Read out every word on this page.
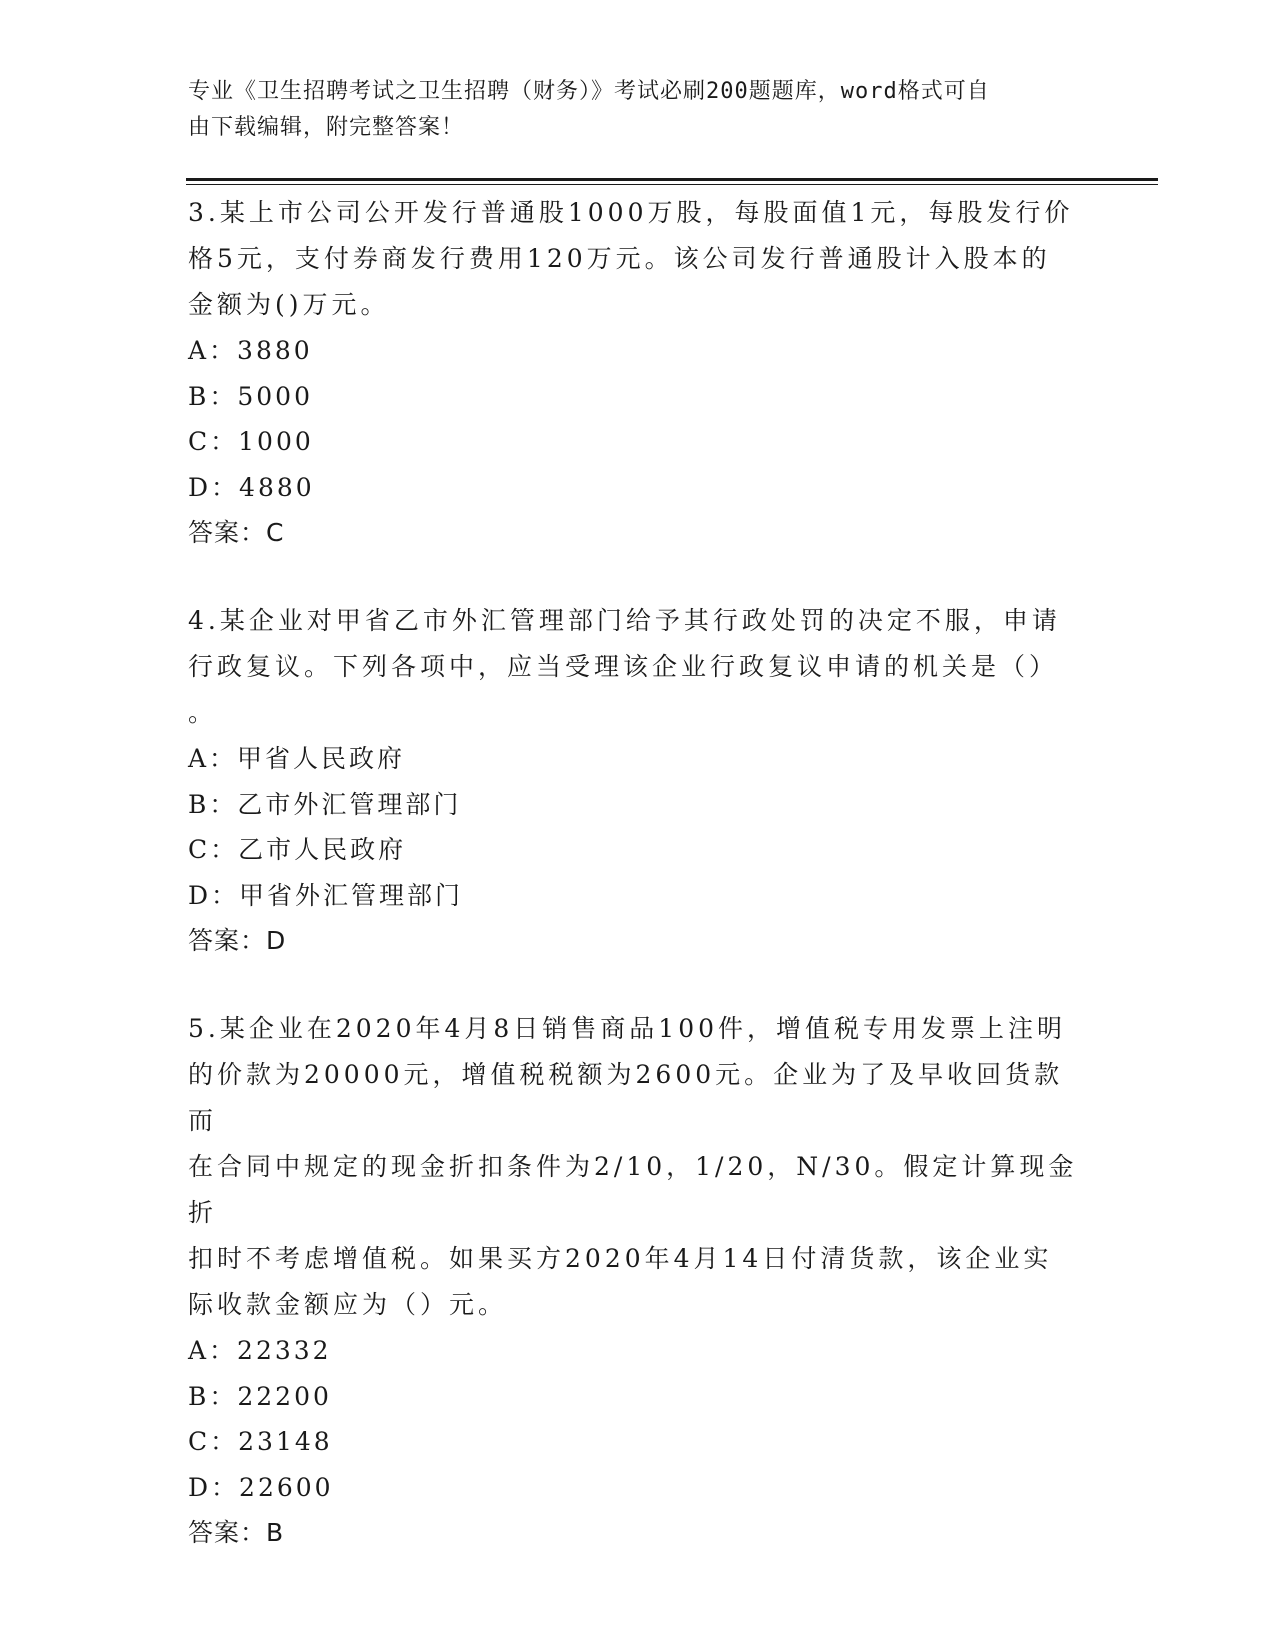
专业《卫生招聘考试之卫生招聘（财务）》考试必刷200题题库，word格式可自
由下载编辑，附完整答案！

3.某上市公司公开发行普通股1000万股，每股面值1元，每股发行价
格5元，支付券商发行费用120万元。该公司发行普通股计入股本的
金额为()万元。

A：3880
B：5000
C：1000
D：4880

答案：C

4.某企业对甲省乙市外汇管理部门给予其行政处罚的决定不服，申请
行政复议。下列各项中，应当受理该企业行政复议申请的机关是（）
。

A：甲省人民政府
B：乙市外汇管理部门
C：乙市人民政府
D：甲省外汇管理部门

答案：D

5.某企业在2020年4月8日销售商品100件，增值税专用发票上注明
的价款为20000元，增值税税额为2600元。企业为了及早收回货款而
在合同中规定的现金折扣条件为2/10，1/20，N/30。假定计算现金折
扣时不考虑增值税。如果买方2020年4月14日付清货款，该企业实
际收款金额应为（）元。

A：22332
B：22200
C：23148
D：22600

答案：B
